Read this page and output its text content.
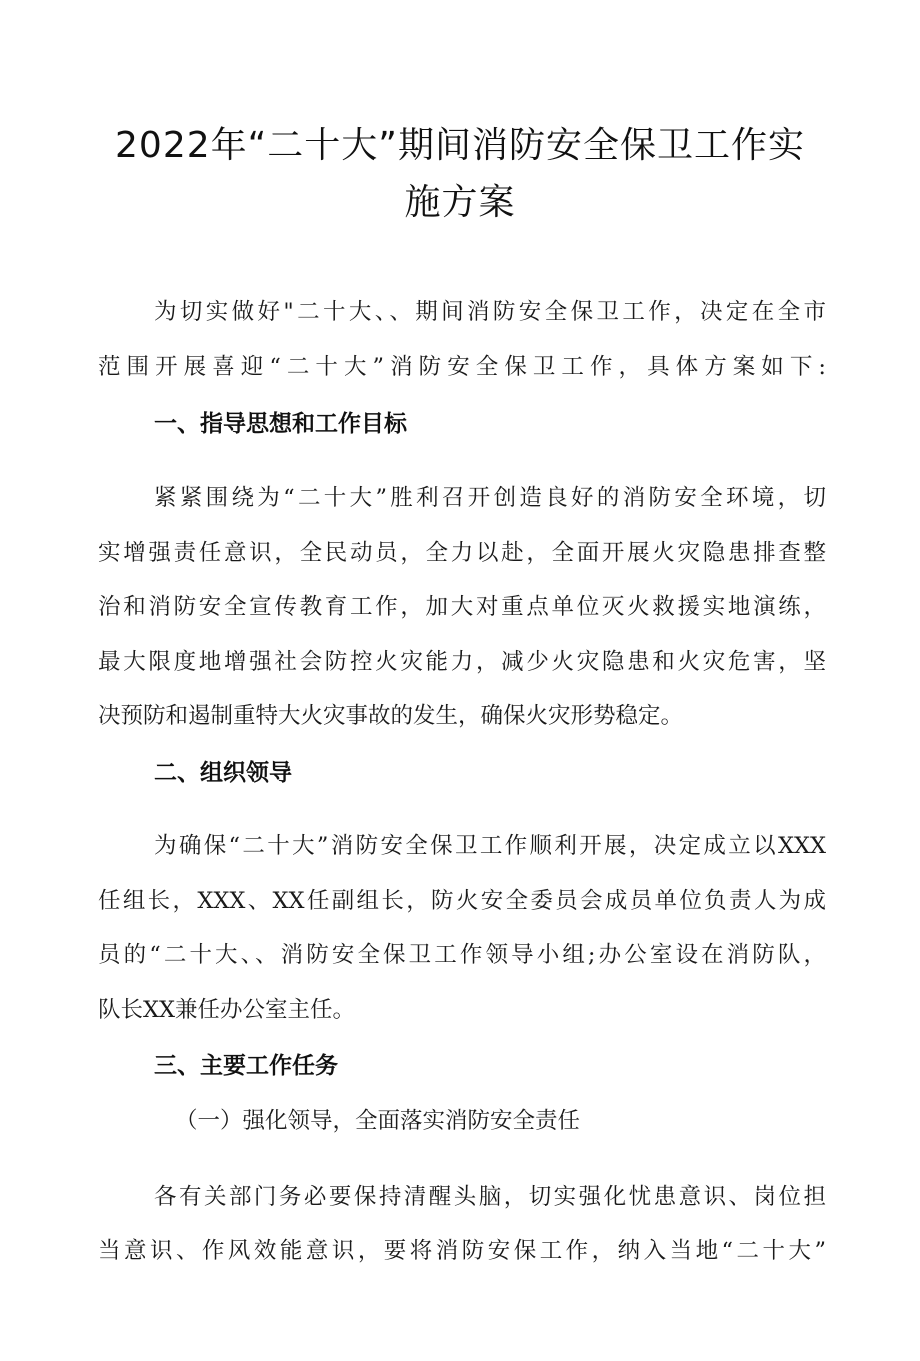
2022年“二十大”期间消防安全保卫工作实
施方案
为切实做好"二十大、、期间消防安全保卫工作，决定在全市
范围开展喜迎“二十大”消防安全保卫工作，具体方案如下:
一、指导思想和工作目标
紧紧围绕为“二十大”胜利召开创造良好的消防安全环境，切
实增强责任意识，全民动员，全力以赴，全面开展火灾隐患排查整
治和消防安全宣传教育工作，加大对重点单位灭火救援实地演练，
最大限度地增强社会防控火灾能力，减少火灾隐患和火灾危害，坚
决预防和遏制重特大火灾事故的发生，确保火灾形势稳定。
二、组织领导
为确保“二十大”消防安全保卫工作顺利开展，决定成立以XXX
任组长，XXX、XX任副组长，防火安全委员会成员单位负责人为成
员的“二十大、、消防安全保卫工作领导小组;办公室设在消防队，
队长XX兼任办公室主任。
三、主要工作任务
（一）强化领导，全面落实消防安全责任
各有关部门务必要保持清醒头脑，切实强化忧患意识、岗位担
当意识、作风效能意识，要将消防安保工作，纳入当地“二十大”
